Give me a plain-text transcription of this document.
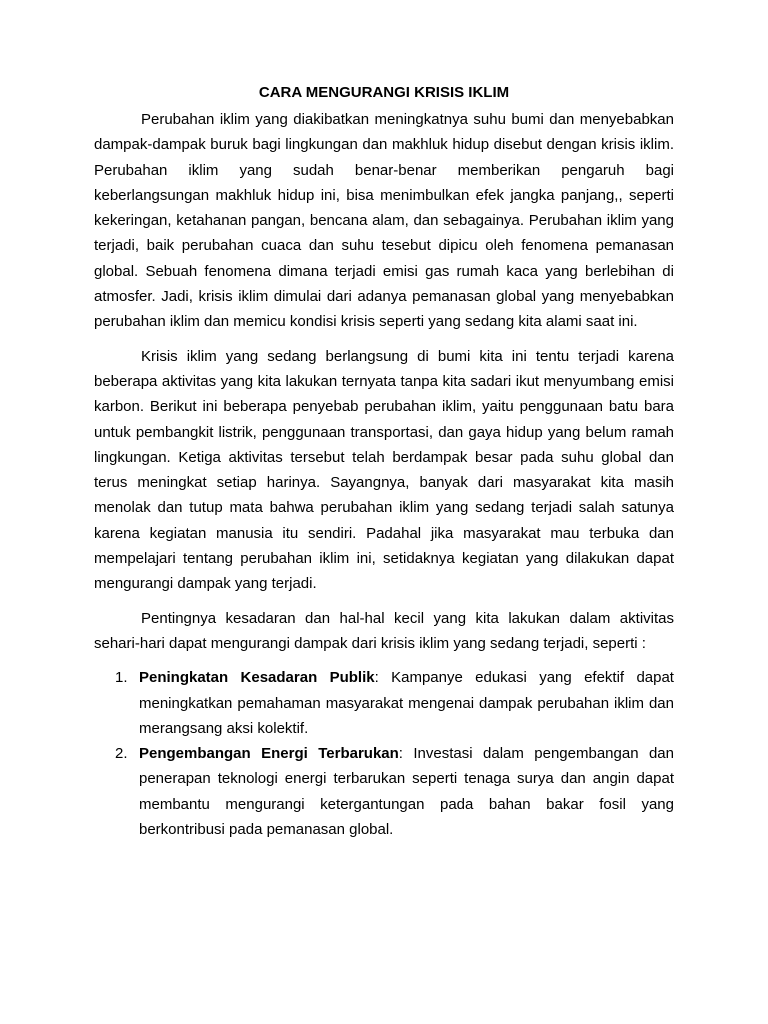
CARA MENGURANGI KRISIS IKLIM

Perubahan iklim yang diakibatkan meningkatnya suhu bumi dan menyebabkan dampak-dampak buruk bagi lingkungan dan makhluk hidup disebut dengan krisis iklim. Perubahan iklim yang sudah benar-benar memberikan pengaruh bagi keberlangsungan makhluk hidup ini, bisa menimbulkan efek jangka panjang,, seperti kekeringan, ketahanan pangan, bencana alam, dan sebagainya. Perubahan iklim yang terjadi, baik perubahan cuaca dan suhu tesebut dipicu oleh fenomena pemanasan global. Sebuah fenomena dimana terjadi emisi gas rumah kaca yang berlebihan di atmosfer. Jadi, krisis iklim dimulai dari adanya pemanasan global yang menyebabkan perubahan iklim dan memicu kondisi krisis seperti yang sedang kita alami saat ini.

Krisis iklim yang sedang berlangsung di bumi kita ini tentu terjadi karena beberapa aktivitas yang kita lakukan ternyata tanpa kita sadari ikut menyumbang emisi karbon. Berikut ini beberapa penyebab perubahan iklim, yaitu penggunaan batu bara untuk pembangkit listrik, penggunaan transportasi, dan gaya hidup yang belum ramah lingkungan. Ketiga aktivitas tersebut telah berdampak besar pada suhu global dan terus meningkat setiap harinya. Sayangnya, banyak dari masyarakat kita masih menolak dan tutup mata bahwa perubahan iklim yang sedang terjadi salah satunya karena kegiatan manusia itu sendiri. Padahal jika masyarakat mau terbuka dan mempelajari tentang perubahan iklim ini, setidaknya kegiatan yang dilakukan dapat mengurangi dampak yang terjadi.

Pentingnya kesadaran dan hal-hal kecil yang kita lakukan dalam aktivitas sehari-hari dapat mengurangi dampak dari krisis iklim yang sedang terjadi, seperti :

1. Peningkatan Kesadaran Publik: Kampanye edukasi yang efektif dapat meningkatkan pemahaman masyarakat mengenai dampak perubahan iklim dan merangsang aksi kolektif.
2. Pengembangan Energi Terbarukan: Investasi dalam pengembangan dan penerapan teknologi energi terbarukan seperti tenaga surya dan angin dapat membantu mengurangi ketergantungan pada bahan bakar fosil yang berkontribusi pada pemanasan global.
